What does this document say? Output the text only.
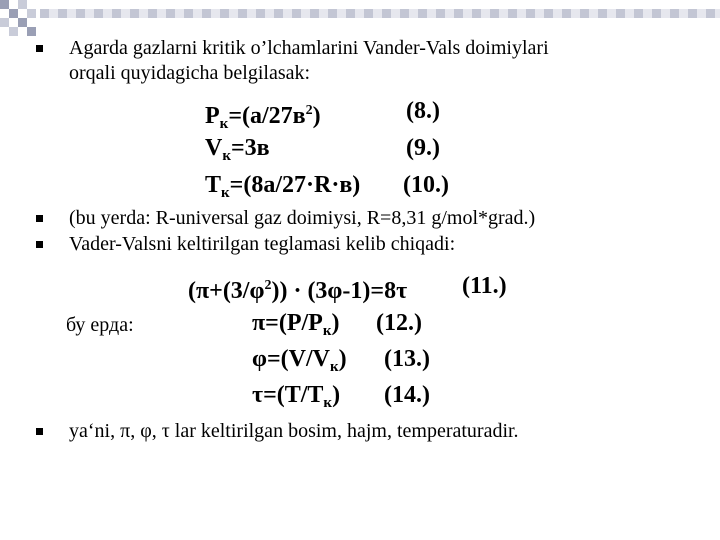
Agarda gazlarni kritik o’lchamlarini Vander-Vals doimiylari
orqali quyidagicha belgilasak:
$P_к=(a/27в^2)$	(8.)
$V_к=3в$	(9.)
$T_к=(8a/27\cdot R\cdot в)$ (10.)
(bu yerda: R-universal gaz doimiysi, R=8,31 g/mol*grad.)
Vader-Valsni keltirilgan teglamasi kelib chiqadi:
$(\pi+(3/\varphi^2)) \cdot (3\varphi-1)=8\tau$ (11.)
бу ерда:	$\pi=(P/P_к)$ (12.)
$\varphi=(V/V_к)$ (13.)
$\tau=(T/T_к)$ (14.)
ya‘ni, π, φ, τ lar keltirilgan bosim, hajm, temperaturadir.
